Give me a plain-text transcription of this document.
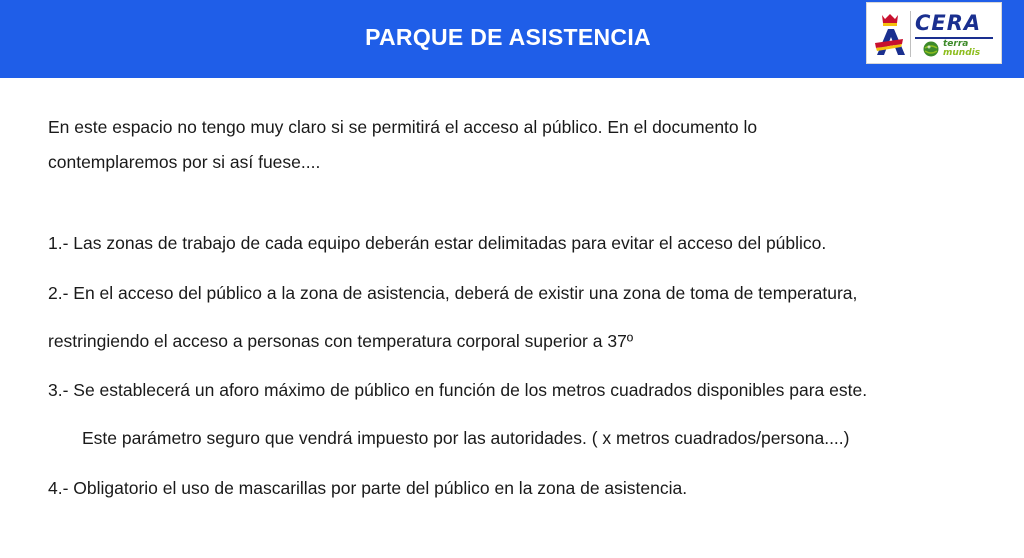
PARQUE DE ASISTENCIA
CERA
terra
mundis
En este espacio no tengo muy claro si se permitirá el acceso al público. En el documento lo
contemplaremos por si así fuese....
1.- Las zonas de trabajo de cada equipo deberán estar delimitadas para evitar el acceso del público.
2.- En el acceso del público a la zona de asistencia, deberá de existir una zona de toma de temperatura,
restringiendo el acceso a personas con temperatura corporal superior a 37º
3.- Se establecerá un aforo máximo de público en función de los metros cuadrados disponibles para este.
Este parámetro seguro que vendrá impuesto por las autoridades. ( x metros cuadrados/persona....)
4.- Obligatorio el uso de mascarillas por parte del público en la zona de asistencia.
